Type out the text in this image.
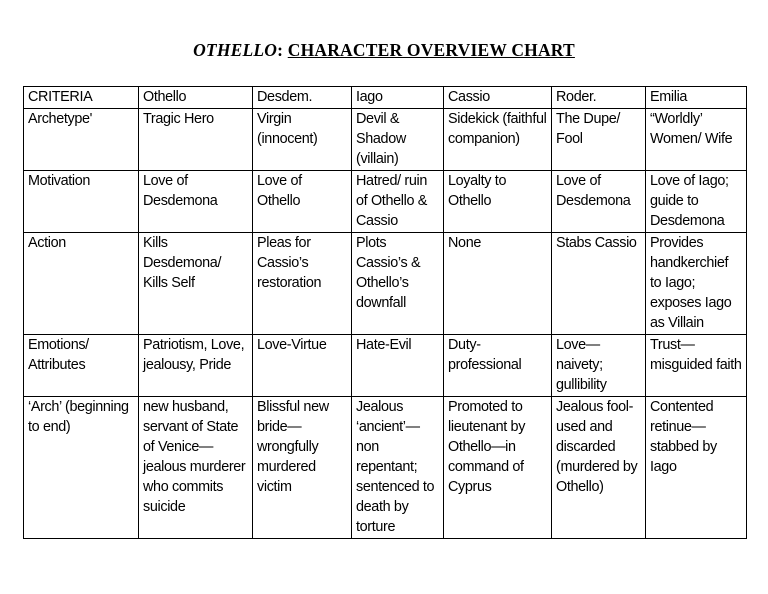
OTHELLO: CHARACTER OVERVIEW CHART
CRITERIA	Othello	Desdem.	Iago	Cassio	Roder.	Emilia
Archetype'	Tragic Hero	Virgin (innocent)	Devil & Shadow (villain)	Sidekick (faithful companion)	The Dupe/ Fool	“Worldly’ Women/ Wife
Motivation	Love of Desdemona	Love of Othello	Hatred/ ruin of Othello & Cassio	Loyalty to Othello	Love of Desdemona	Love of Iago; guide to Desdemona
Action	Kills Desdemona/ Kills Self	Pleas for Cassio’s restoration	Plots Cassio’s & Othello’s downfall	None	Stabs Cassio	Provides handkerchief to Iago; exposes Iago as Villain
Emotions/ Attributes	Patriotism, Love, jealousy, Pride	Love-Virtue	Hate-Evil	Duty-professional	Love— naivety; gullibility	Trust— misguided faith
‘Arch’ (beginning to end)	new husband, servant of State of Venice— jealous murderer who commits suicide	Blissful new bride— wrongfully murdered victim	Jealous ‘ancient’— non repentant; sentenced to death by torture	Promoted to lieutenant by Othello—in command of Cyprus	Jealous fool-used and discarded (murdered by Othello)	Contented retinue— stabbed by Iago
